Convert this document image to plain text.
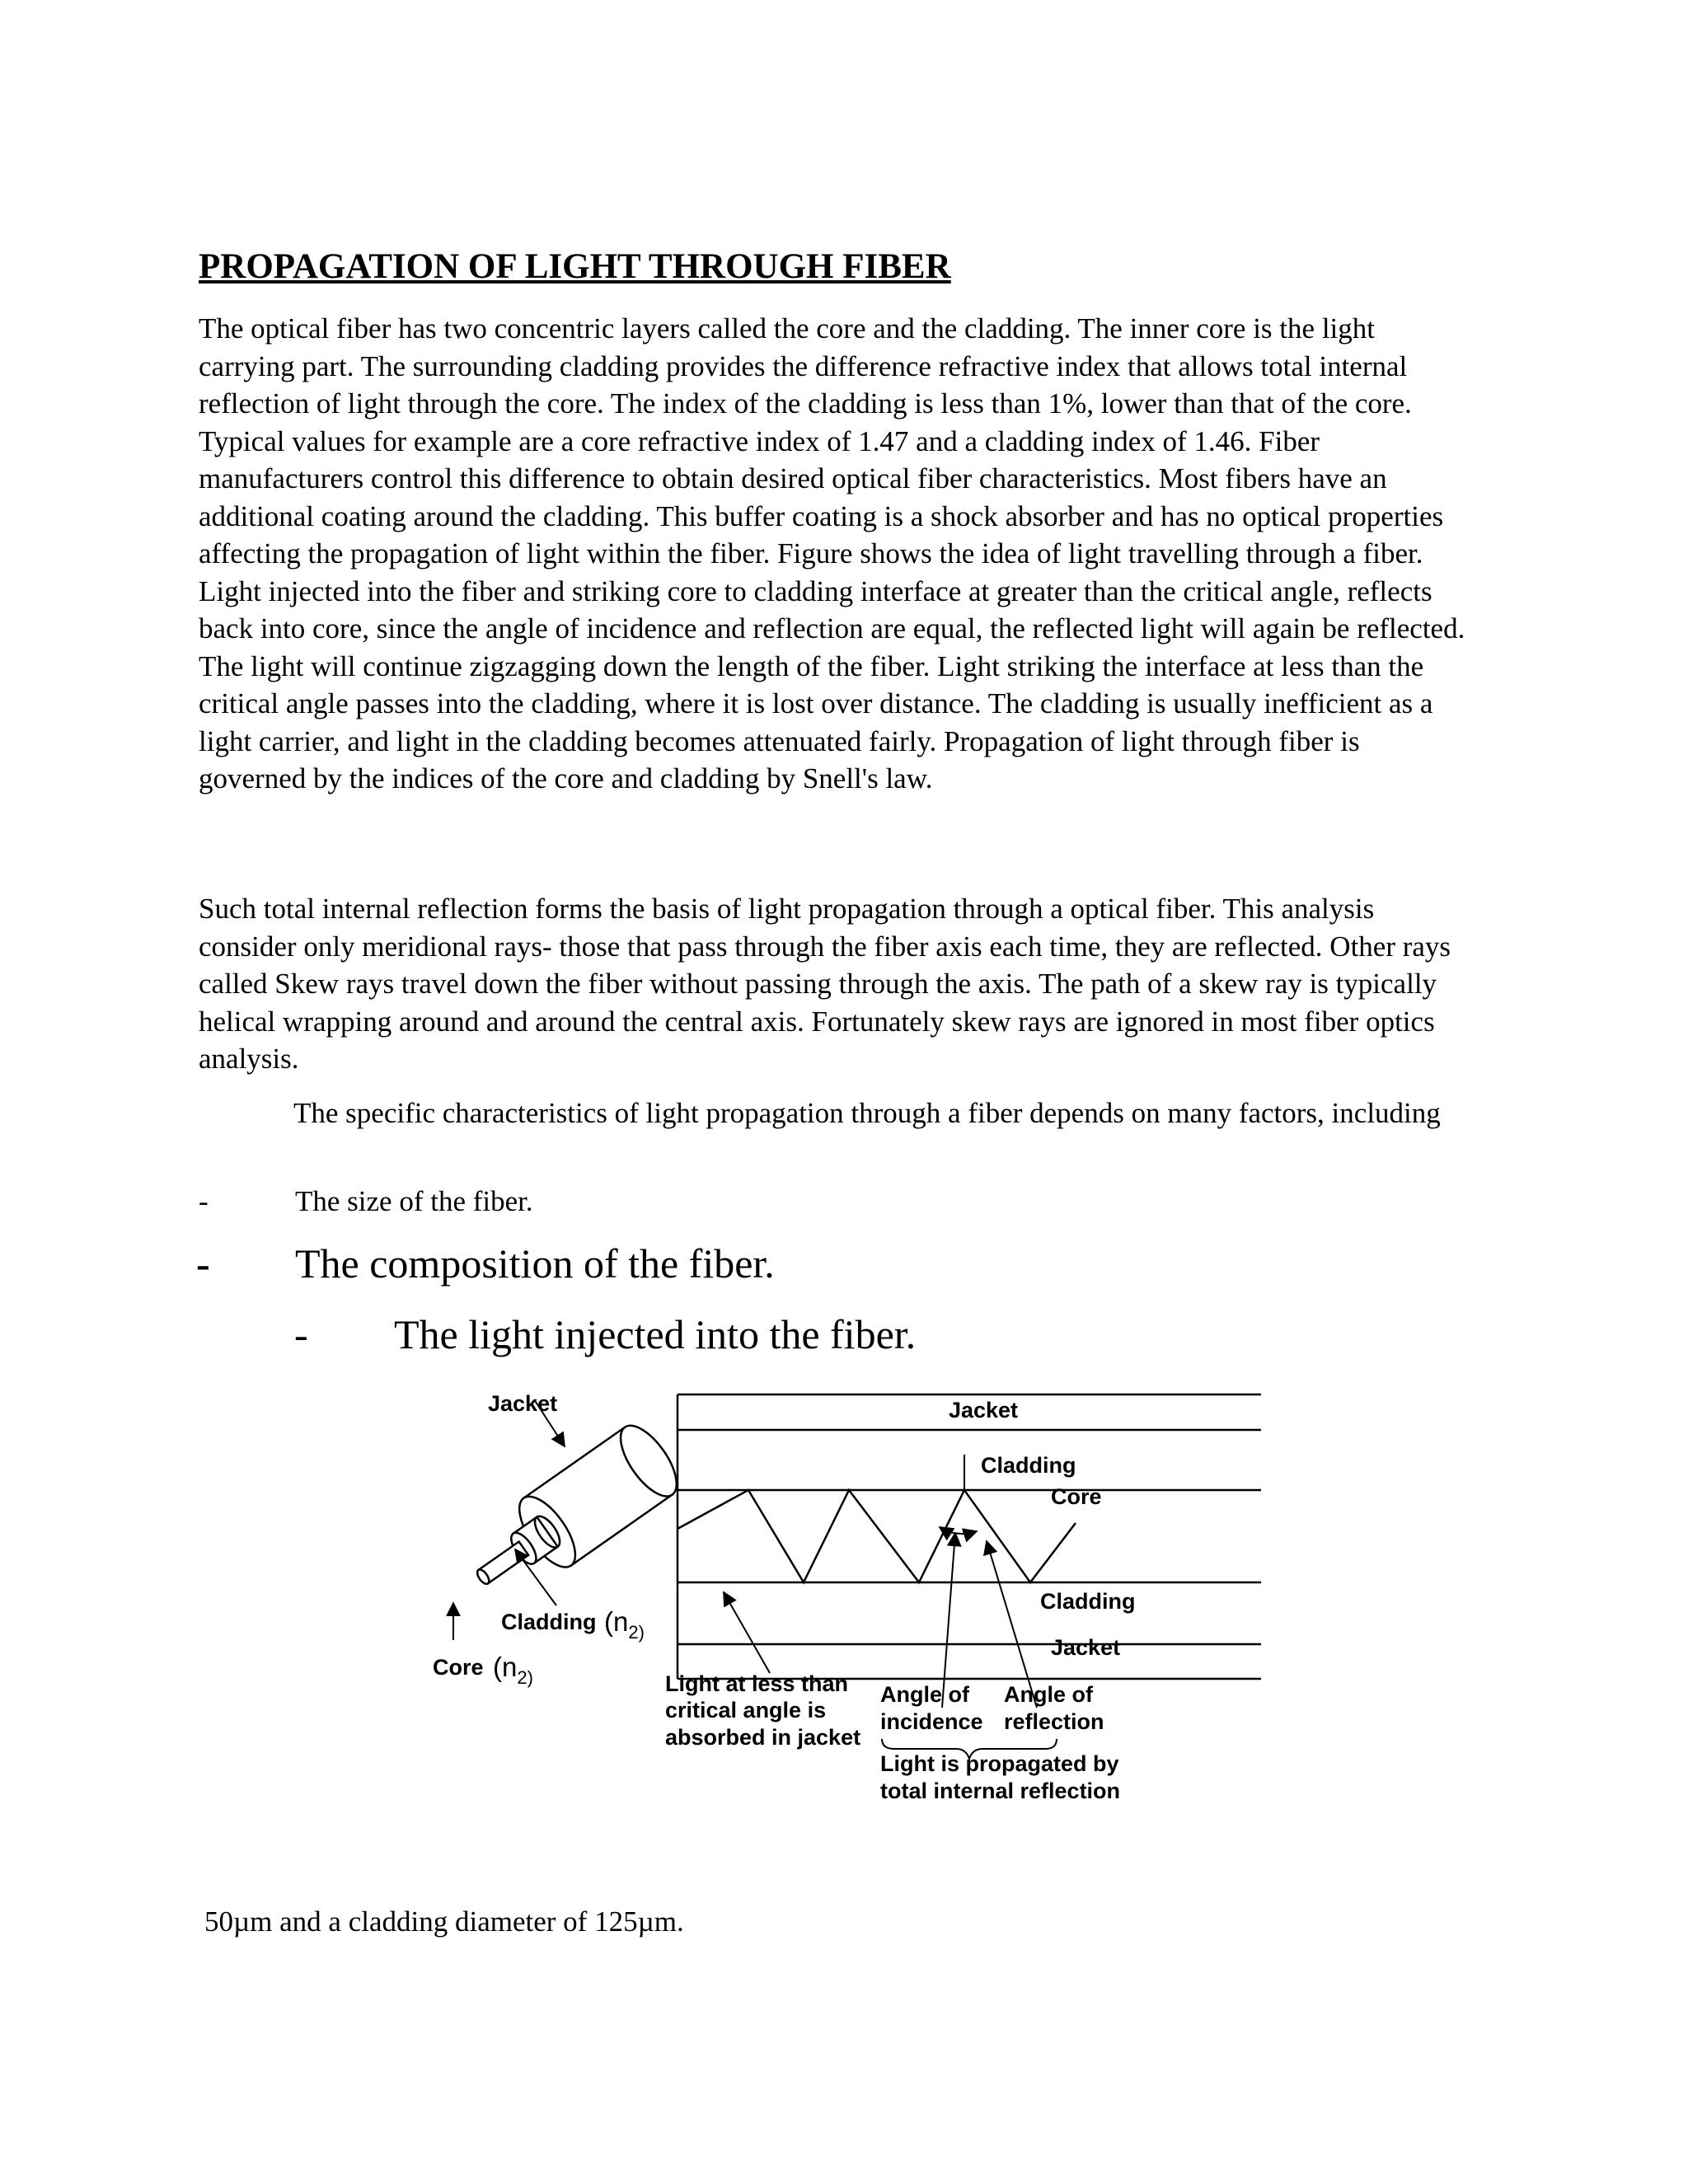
PROPAGATION OF LIGHT THROUGH FIBER

The optical fiber has two concentric layers called the core and the cladding. The inner core is the light carrying part. The surrounding cladding provides the difference refractive index that allows total internal reflection of light through the core. The index of the cladding is less than 1%, lower than that of the core. Typical values for example are a core refractive index of 1.47 and a cladding index of 1.46. Fiber manufacturers control this difference to obtain desired optical fiber characteristics. Most fibers have an additional coating around the cladding. This buffer coating is a shock absorber and has no optical properties affecting the propagation of light within the fiber. Figure shows the idea of light travelling through a fiber. Light injected into the fiber and striking core to cladding interface at greater than the critical angle, reflects back into core, since the angle of incidence and reflection are equal, the reflected light will again be reflected. The light will continue zigzagging down the length of the fiber. Light striking the interface at less than the critical angle passes into the cladding, where it is lost over distance. The cladding is usually inefficient as a light carrier, and light in the cladding becomes attenuated fairly. Propagation of light through fiber is governed by the indices of the core and cladding by Snell's law.

Such total internal reflection forms the basis of light propagation through a optical fiber. This analysis consider only meridional rays- those that pass through the fiber axis each time, they are reflected. Other rays called Skew rays travel down the fiber without passing through the axis. The path of a skew ray is typically helical wrapping around and around the central axis. Fortunately skew rays are ignored in most fiber optics analysis.

The specific characteristics of light propagation through a fiber depends on many factors, including

-	The size of the fiber.
- The composition of the fiber.
- The light injected into the fiber.
Jacket
Cladding ($n_{2)}$
Core ($n_{2)}$
Jacket
Cladding
Core
Cladding
Jacket
Light at less than
critical angle is
absorbed in jacket
Angle of
incidence
Angle of
reflection
Light is propagated by
total internal reflection

50µm and a cladding diameter of 125µm.
